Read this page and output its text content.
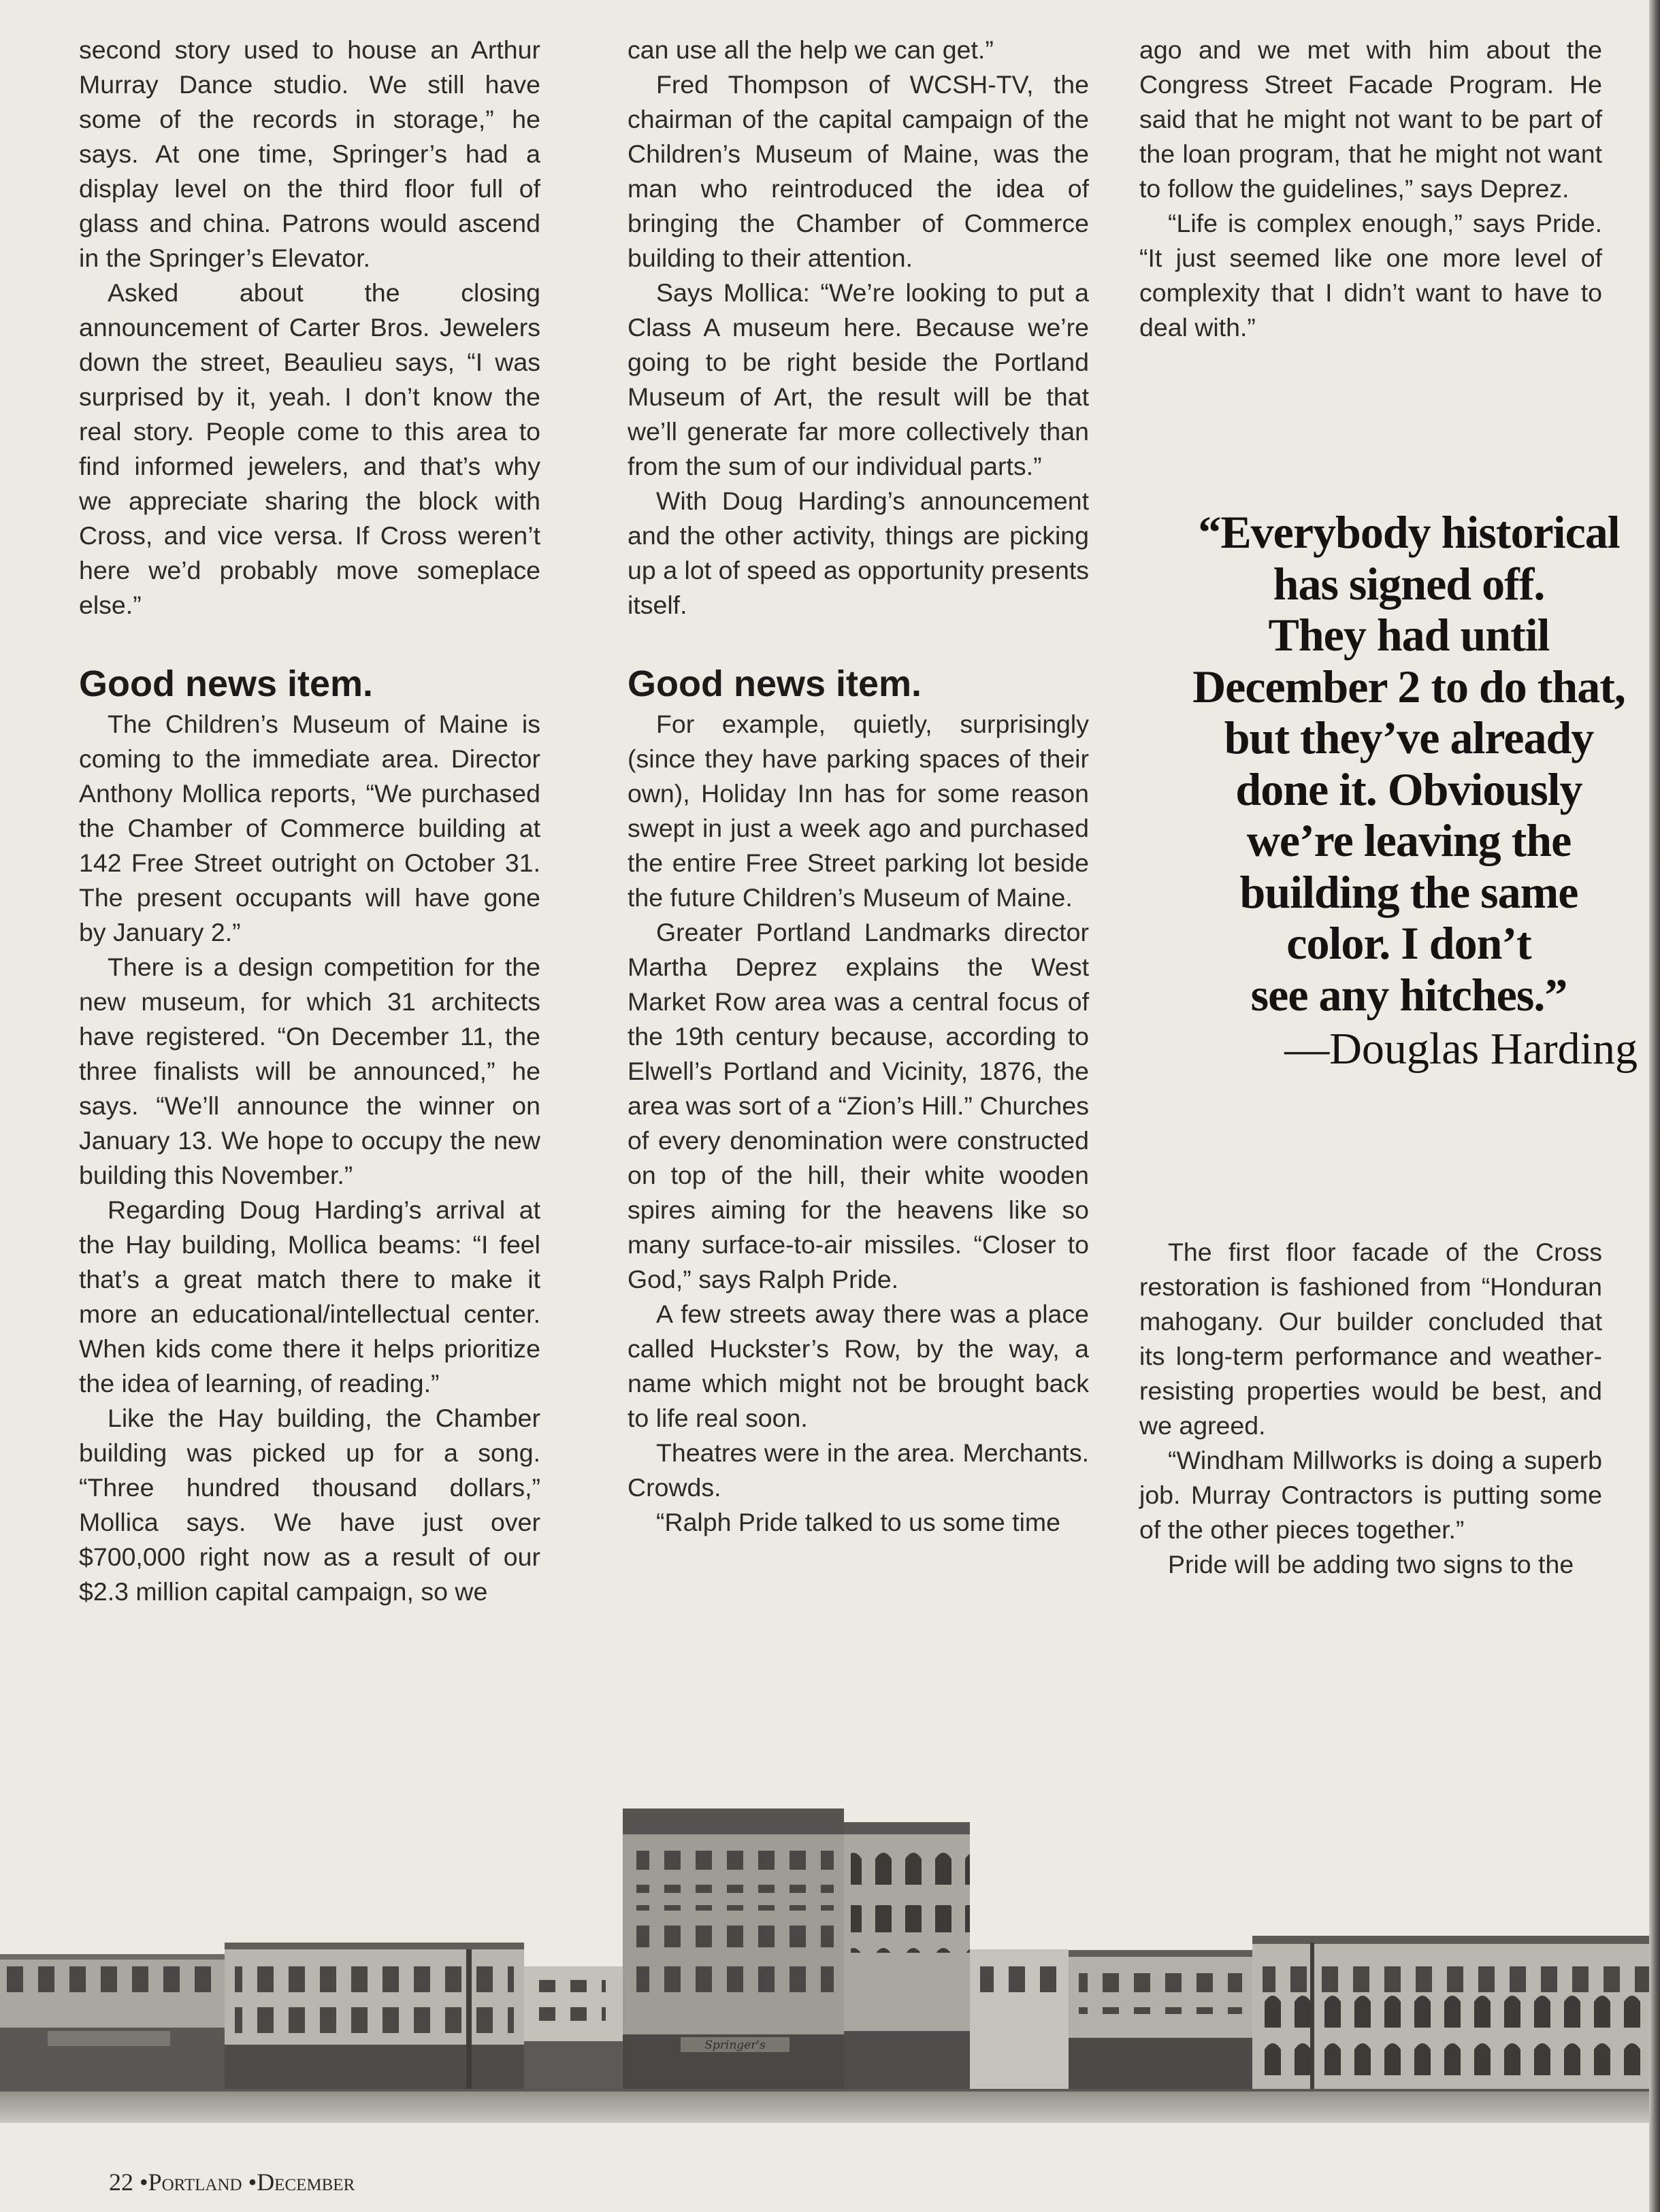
second story used to house an Arthur Murray Dance studio. We still have some of the records in storage,” he says. At one time, Springer’s had a display level on the third floor full of glass and china. Patrons would ascend in the Springer’s Elevator.

Asked about the closing announcement of Carter Bros. Jewelers down the street, Beaulieu says, “I was surprised by it, yeah. I don’t know the real story. People come to this area to find informed jewelers, and that’s why we appreciate sharing the block with Cross, and vice versa. If Cross weren’t here we’d probably move someplace else.”

Good news item.

The Children’s Museum of Maine is coming to the immediate area. Director Anthony Mollica reports, “We purchased the Chamber of Commerce building at 142 Free Street outright on October 31. The present occupants will have gone by January 2.”

There is a design competition for the new museum, for which 31 architects have registered. “On December 11, the three finalists will be announced,” he says. “We’ll announce the winner on January 13. We hope to occupy the new building this November.”

Regarding Doug Harding’s arrival at the Hay building, Mollica beams: “I feel that’s a great match there to make it more an educational/intellectual center. When kids come there it helps prioritize the idea of learning, of reading.”

Like the Hay building, the Chamber building was picked up for a song. “Three hundred thousand dollars,” Mollica says. We have just over $700,000 right now as a result of our $2.3 million capital campaign, so we

can use all the help we can get.”

Fred Thompson of WCSH-TV, the chairman of the capital campaign of the Children’s Museum of Maine, was the man who reintroduced the idea of bringing the Chamber of Commerce building to their attention.

Says Mollica: “We’re looking to put a Class A museum here. Because we’re going to be right beside the Portland Museum of Art, the result will be that we’ll generate far more collectively than from the sum of our individual parts.”

With Doug Harding’s announcement and the other activity, things are picking up a lot of speed as opportunity presents itself.

Good news item.

For example, quietly, surprisingly (since they have parking spaces of their own), Holiday Inn has for some reason swept in just a week ago and purchased the entire Free Street parking lot beside the future Children’s Museum of Maine.

Greater Portland Landmarks director Martha Deprez explains the West Market Row area was a central focus of the 19th century because, according to Elwell’s Portland and Vicinity, 1876, the area was sort of a “Zion’s Hill.” Churches of every denomination were constructed on top of the hill, their white wooden spires aiming for the heavens like so many surface-to-air missiles. “Closer to God,” says Ralph Pride.

A few streets away there was a place called Huckster’s Row, by the way, a name which might not be brought back to life real soon.

Theatres were in the area. Merchants. Crowds.

“Ralph Pride talked to us some time

ago and we met with him about the Congress Street Facade Program. He said that he might not want to be part of the loan program, that he might not want to follow the guidelines,” says Deprez.

“Life is complex enough,” says Pride. “It just seemed like one more level of complexity that I didn’t want to have to deal with.”

“Everybody historical
has signed off.
They had until
December 2 to do that,
but they’ve already
done it. Obviously
we’re leaving the
building the same
color. I don’t
see any hitches.”
—Douglas Harding

The first floor facade of the Cross restoration is fashioned from “Honduran mahogany. Our builder concluded that its long-term performance and weather-resisting properties would be best, and we agreed.

“Windham Millworks is doing a superb job. Murray Contractors is putting some of the other pieces together.”

Pride will be adding two signs to the

Springer's
22 •Portland •December
